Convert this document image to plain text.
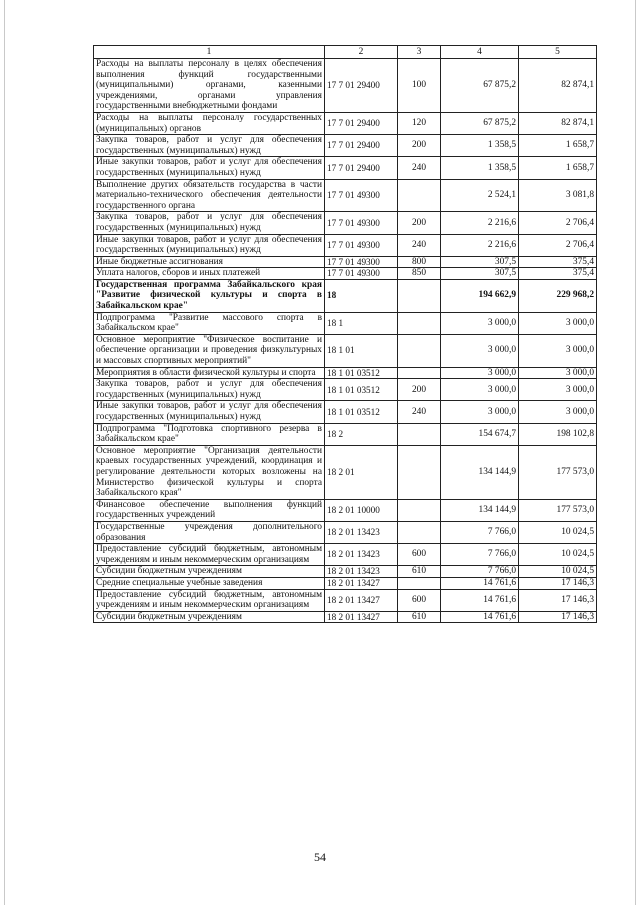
1	2	3	4	5
Расходы на выплаты персоналу в целях обеспечения выполнения функций государственными (муниципальными) органами, казенными учреждениями, органами управления государственными внебюджетными фондами	17 7 01 29400	100	67 875,2	82 874,1
Расходы на выплаты персоналу государственных (муниципальных) органов	17 7 01 29400	120	67 875,2	82 874,1
Закупка товаров, работ и услуг для обеспечения государственных (муниципальных) нужд	17 7 01 29400	200	1 358,5	1 658,7
Иные закупки товаров, работ и услуг для обеспечения государственных (муниципальных) нужд	17 7 01 29400	240	1 358,5	1 658,7
Выполнение других обязательств государства в части материально-технического обеспечения деятельности государственного органа	17 7 01 49300		2 524,1	3 081,8
Закупка товаров, работ и услуг для обеспечения государственных (муниципальных) нужд	17 7 01 49300	200	2 216,6	2 706,4
Иные закупки товаров, работ и услуг для обеспечения государственных (муниципальных) нужд	17 7 01 49300	240	2 216,6	2 706,4
Иные бюджетные ассигнования	17 7 01 49300	800	307,5	375,4
Уплата налогов, сборов и иных платежей	17 7 01 49300	850	307,5	375,4
Государственная программа Забайкальского края "Развитие физической культуры и спорта в Забайкальском крае"	18		194 662,9	229 968,2
Подпрограмма "Развитие массового спорта в Забайкальском крае"	18 1		3 000,0	3 000,0
Основное мероприятие "Физическое воспитание и обеспечение организации и проведения физкультурных и массовых спортивных мероприятий"	18 1 01		3 000,0	3 000,0
Мероприятия в области физической культуры и спорта	18 1 01 03512		3 000,0	3 000,0
Закупка товаров, работ и услуг для обеспечения государственных (муниципальных) нужд	18 1 01 03512	200	3 000,0	3 000,0
Иные закупки товаров, работ и услуг для обеспечения государственных (муниципальных) нужд	18 1 01 03512	240	3 000,0	3 000,0
Подпрограмма "Подготовка спортивного резерва в Забайкальском крае"	18 2		154 674,7	198 102,8
Основное мероприятие "Организация деятельности краевых государственных учреждений, координация и регулирование деятельности которых возложены на Министерство физической культуры и спорта Забайкальского края"	18 2 01		134 144,9	177 573,0
Финансовое обеспечение выполнения функций государственных учреждений	18 2 01 10000		134 144,9	177 573,0
Государственные учреждения дополнительного образования	18 2 01 13423		7 766,0	10 024,5
Предоставление субсидий бюджетным, автономным учреждениям и иным некоммерческим организациям	18 2 01 13423	600	7 766,0	10 024,5
Субсидии бюджетным учреждениям	18 2 01 13423	610	7 766,0	10 024,5
Средние специальные учебные заведения	18 2 01 13427		14 761,6	17 146,3
Предоставление субсидий бюджетным, автономным учреждениям и иным некоммерческим организациям	18 2 01 13427	600	14 761,6	17 146,3
Субсидии бюджетным учреждениям	18 2 01 13427	610	14 761,6	17 146,3
54
